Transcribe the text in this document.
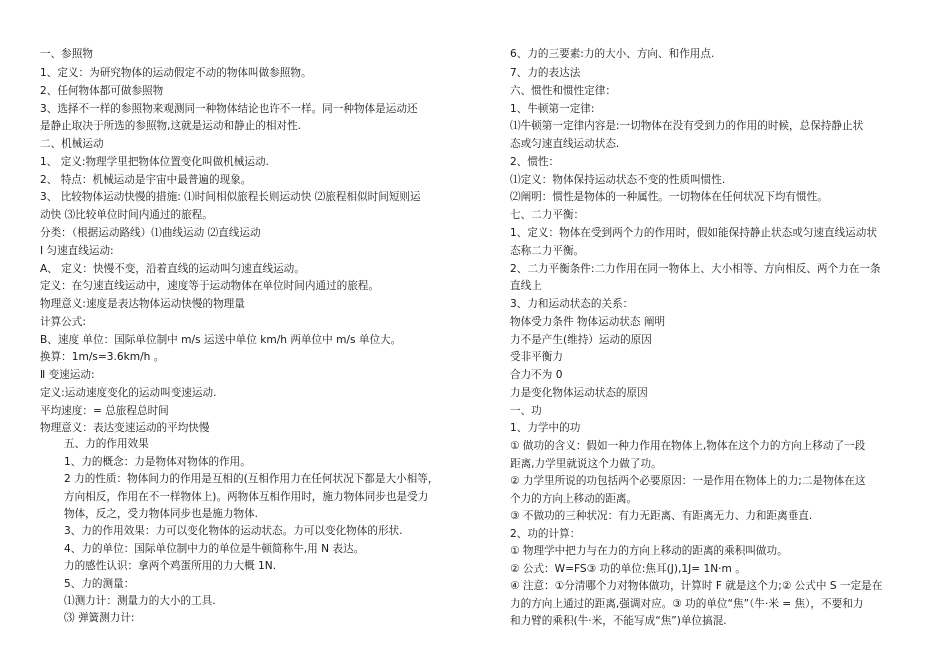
一、参照物
1、定义：为研究物体的运动假定不动的物体叫做参照物。
2、任何物体都可做参照物
3、选择不一样的参照物来观测同一种物体结论也许不一样。同一种物体是运动还
是静止取决于所选的参照物,这就是运动和静止的相对性.
二、机械运动
1、 定义:物理学里把物体位置变化叫做机械运动.
2、 特点：机械运动是宇宙中最普遍的现象。
3、 比较物体运动快慢的措施: ⑴时间相似旅程长则运动快 ⑵旅程相似时间短则运
动快 ⑶比较单位时间内通过的旅程。
分类：（根据运动路线）⑴曲线运动 ⑵直线运动
Ⅰ 匀速直线运动:
A、 定义：快慢不变，沿着直线的运动叫匀速直线运动。
定义：在匀速直线运动中，速度等于运动物体在单位时间内通过的旅程。
物理意义:速度是表达物体运动快慢的物理量
计算公式:
B、速度 单位：国际单位制中 m/s 运送中单位 km/h 两单位中 m/s 单位大。
换算：1m/s=3.6km/h 。
Ⅱ 变速运动:
定义:运动速度变化的运动叫变速运动.
平均速度：= 总旅程总时间
物理意义：表达变速运动的平均快慢
五、力的作用效果
1、力的概念：力是物体对物体的作用。
2 力的性质：物体间力的作用是互相的(互相作用力在任何状况下都是大小相等，
方向相反，作用在不一样物体上)。两物体互相作用时，施力物体同步也是受力
物体，反之，受力物体同步也是施力物体.
3、力的作用效果：力可以变化物体的运动状态。力可以变化物体的形状.
4、力的单位：国际单位制中力的单位是牛顿简称牛,用 N 表达。
力的感性认识：拿两个鸡蛋所用的力大概 1N.
5、力的测量：
⑴测力计：测量力的大小的工具.
⑶ 弹簧测力计:
6、力的三要素:力的大小、方向、和作用点.
7、力的表达法
六、惯性和惯性定律：
1、牛顿第一定律:
⑴牛顿第一定律内容是:一切物体在没有受到力的作用的时候，总保持静止状
态或匀速直线运动状态.
2、惯性：
⑴定义：物体保持运动状态不变的性质叫惯性.
⑵阐明：惯性是物体的一种属性。一切物体在任何状况下均有惯性。
七、二力平衡：
1、定义：物体在受到两个力的作用时，假如能保持静止状态或匀速直线运动状
态称二力平衡。
2、二力平衡条件:二力作用在同一物体上、大小相等、方向相反、两个力在一条
直线上
3、力和运动状态的关系：
物体受力条件 物体运动状态 阐明
力不是产生(维持）运动的原因
受非平衡力
合力不为 0
力是变化物体运动状态的原因
一、功
1、力学中的功
① 做功的含义：假如一种力作用在物体上,物体在这个力的方向上移动了一段
距离,力学里就说这个力做了功。
② 力学里所说的功包括两个必要原因：一是作用在物体上的力;二是物体在这
个力的方向上移动的距离。
③ 不做功的三种状况：有力无距离、有距离无力、力和距离垂直.
2、功的计算：
① 物理学中把力与在力的方向上移动的距离的乘积叫做功。
② 公式：W=FS③ 功的单位:焦耳(J),1J= 1N·m 。
④ 注意：①分清哪个力对物体做功，计算时 F 就是这个力;② 公式中 S 一定是在
力的方向上通过的距离,强调对应。③ 功的单位“焦”（牛·米 = 焦），不要和力
和力臂的乘积(牛·米，不能写成“焦”)单位搞混.
